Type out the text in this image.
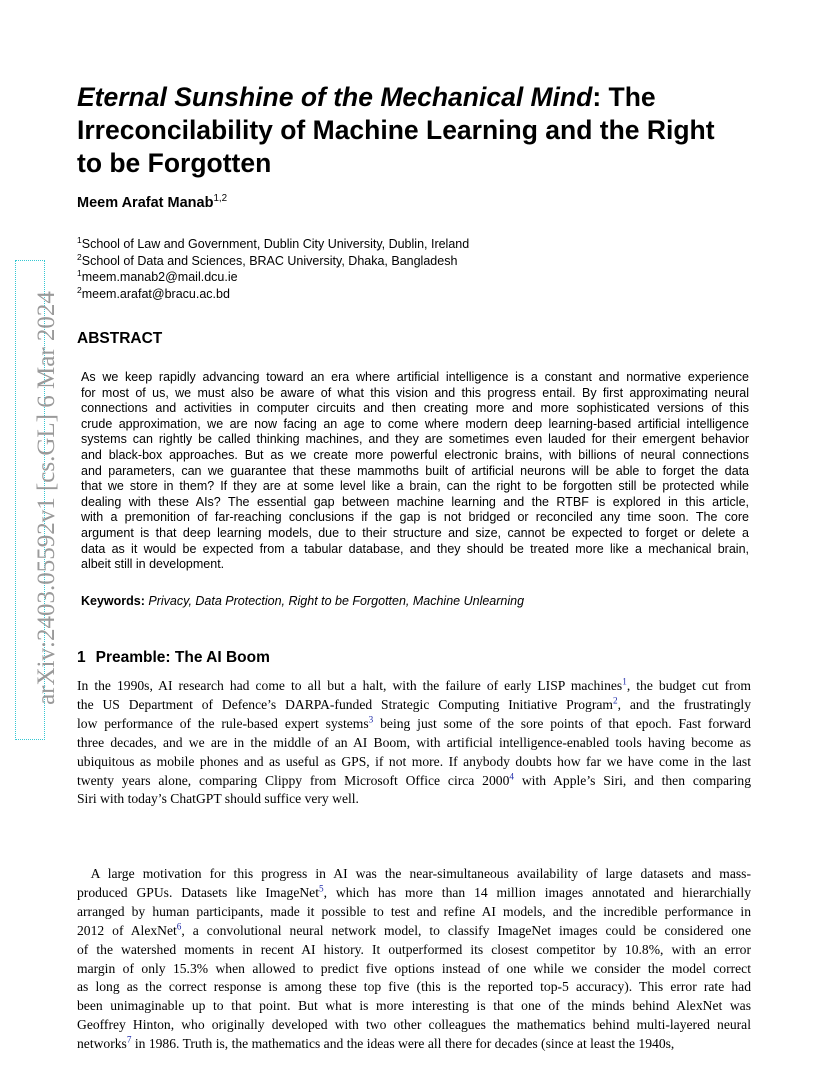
arXiv:2403.05592v1 [cs.GL] 6 Mar 2024
Eternal Sunshine of the Mechanical Mind: The
Irreconcilability of Machine Learning and the Right
to be Forgotten
Meem Arafat Manab$^{1,2}$
$^1$School of Law and Government, Dublin City University, Dublin, Ireland
$^2$School of Data and Sciences, BRAC University, Dhaka, Bangladesh
$^1$meem.manab2@mail.dcu.ie
$^2$meem.arafat@bracu.ac.bd
ABSTRACT
As we keep rapidly advancing toward an era where artificial intelligence is a constant and normative experience
for most of us, we must also be aware of what this vision and this progress entail. By first approximating neural
connections and activities in computer circuits and then creating more and more sophisticated versions of this
crude approximation, we are now facing an age to come where modern deep learning-based artificial intelligence
systems can rightly be called thinking machines, and they are sometimes even lauded for their emergent behavior
and black-box approaches. But as we create more powerful electronic brains, with billions of neural connections
and parameters, can we guarantee that these mammoths built of artificial neurons will be able to forget the data
that we store in them? If they are at some level like a brain, can the right to be forgotten still be protected while
dealing with these AIs? The essential gap between machine learning and the RTBF is explored in this article,
with a premonition of far-reaching conclusions if the gap is not bridged or reconciled any time soon. The core
argument is that deep learning models, due to their structure and size, cannot be expected to forget or delete a
data as it would be expected from a tabular database, and they should be treated more like a mechanical brain,
albeit still in development.
Keywords: Privacy, Data Protection, Right to be Forgotten, Machine Unlearning
1 Preamble: The AI Boom
In the 1990s, AI research had come to all but a halt, with the failure of early LISP machines$^1$, the budget cut from
the US Department of Defence’s DARPA-funded Strategic Computing Initiative Program$^2$, and the frustratingly
low performance of the rule-based expert systems$^3$ being just some of the sore points of that epoch. Fast forward
three decades, and we are in the middle of an AI Boom, with artificial intelligence-enabled tools having become as
ubiquitous as mobile phones and as useful as GPS, if not more. If anybody doubts how far we have come in the last
twenty years alone, comparing Clippy from Microsoft Office circa 2000$^4$ with Apple’s Siri, and then comparing
Siri with today’s ChatGPT should suffice very well.
 A large motivation for this progress in AI was the near-simultaneous availability of large datasets and mass-
produced GPUs. Datasets like ImageNet$^5$, which has more than 14 million images annotated and hierarchially
arranged by human participants, made it possible to test and refine AI models, and the incredible performance in
2012 of AlexNet$^6$, a convolutional neural network model, to classify ImageNet images could be considered one
of the watershed moments in recent AI history. It outperformed its closest competitor by 10.8%, with an error
margin of only 15.3% when allowed to predict five options instead of one while we consider the model correct
as long as the correct response is among these top five (this is the reported top-5 accuracy). This error rate had
been unimaginable up to that point. But what is more interesting is that one of the minds behind AlexNet was
Geoffrey Hinton, who originally developed with two other colleagues the mathematics behind multi-layered neural
networks$^7$ in 1986. Truth is, the mathematics and the ideas were all there for decades (since at least the 1940s,
